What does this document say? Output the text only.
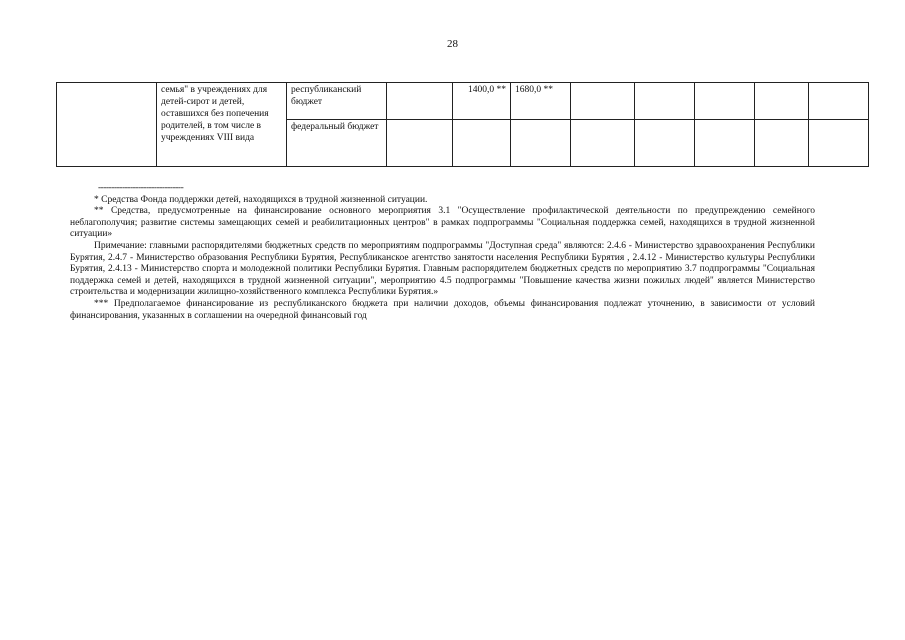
28
	семья" в учреждениях для детей-сирот и детей, оставшихся без попечения родителей, в том числе в учреждениях VIII вида	республиканский бюджет		1400,0 **	1680,0 **					
		федеральный бюджет								

--------------------------------

* Средства Фонда поддержки детей, находящихся в трудной жизненной ситуации.

** Средства, предусмотренные на финансирование основного мероприятия 3.1 "Осуществление профилактической деятельности по предупреждению семейного неблагополучия; развитие системы замещающих семей и реабилитационных центров" в рамках подпрограммы "Социальная поддержка семей, находящихся в трудной жизненной ситуации»

Примечание: главными распорядителями бюджетных средств по мероприятиям подпрограммы "Доступная среда" являются: 2.4.6 - Министерство здравоохранения Республики Бурятия, 2.4.7 - Министерство образования Республики Бурятия, Республиканское агентство занятости населения Республики Бурятия , 2.4.12 - Министерство культуры Республики Бурятия, 2.4.13 - Министерство спорта и молодежной политики Республики Бурятия. Главным распорядителем бюджетных средств по мероприятию 3.7 подпрограммы "Социальная поддержка семей и детей, находящихся в трудной жизненной ситуации", мероприятию 4.5 подпрограммы "Повышение качества жизни пожилых людей" является Министерство строительства и модернизации жилищно-хозяйственного комплекса Республики Бурятия.»

*** Предполагаемое финансирование из республиканского бюджета при наличии доходов, объемы финансирования подлежат уточнению, в зависимости от условий финансирования, указанных в соглашении на очередной финансовый год
